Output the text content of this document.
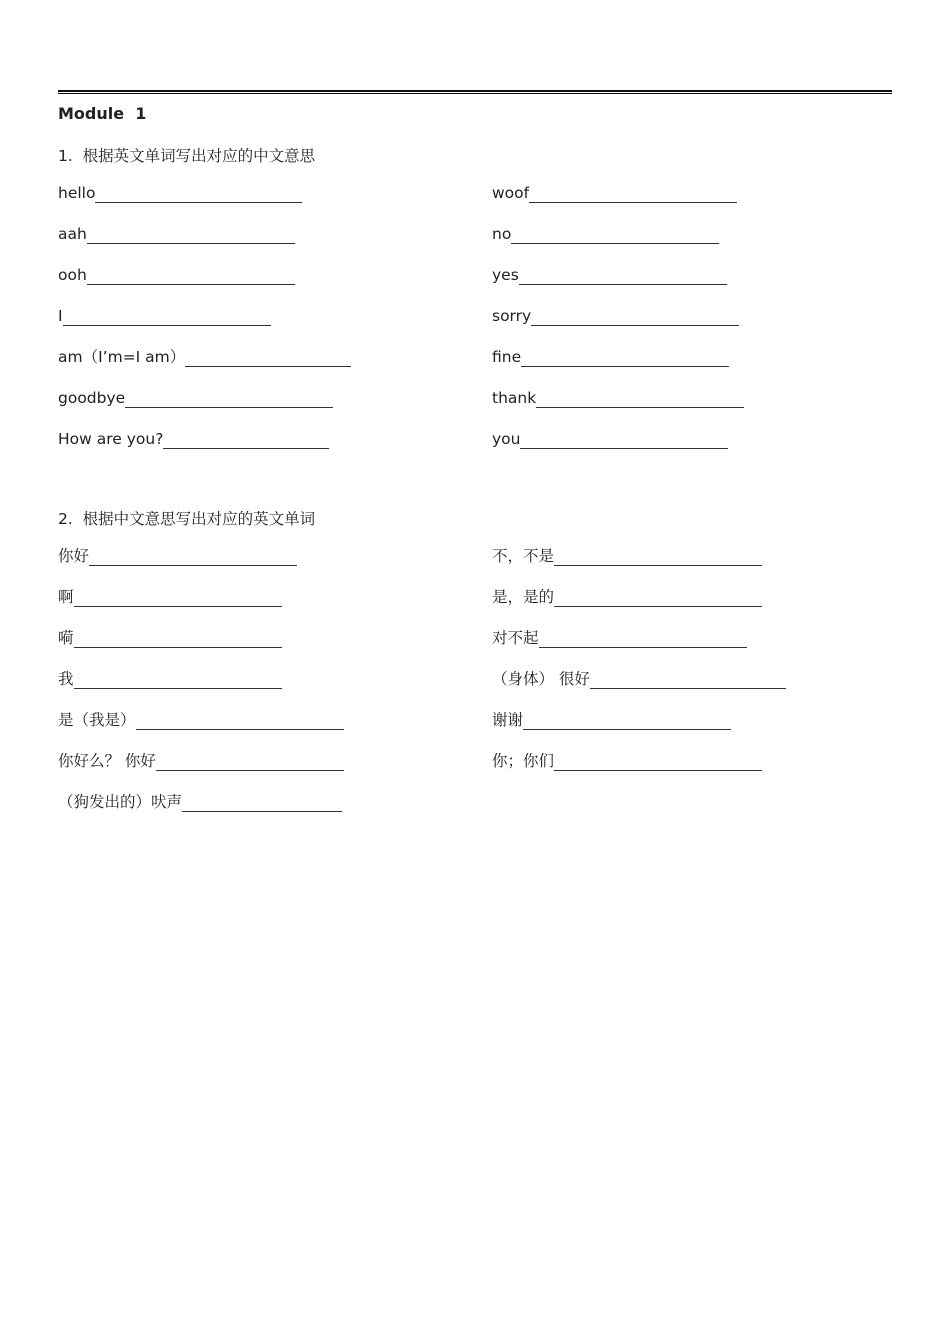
Module  1
1.  根据英文单词写出对应的中文意思
hello
aah
ooh
I
am（I’m=I am）
goodbye
How are you?
woof
no
yes
sorry
fine
thank
you
2.  根据中文意思写出对应的英文单词
你好
啊
嗬
我
是（我是）
你好么？ 你好
（狗发出的）吠声
不，不是
是，是的
对不起
（身体） 很好
谢谢
你；你们
